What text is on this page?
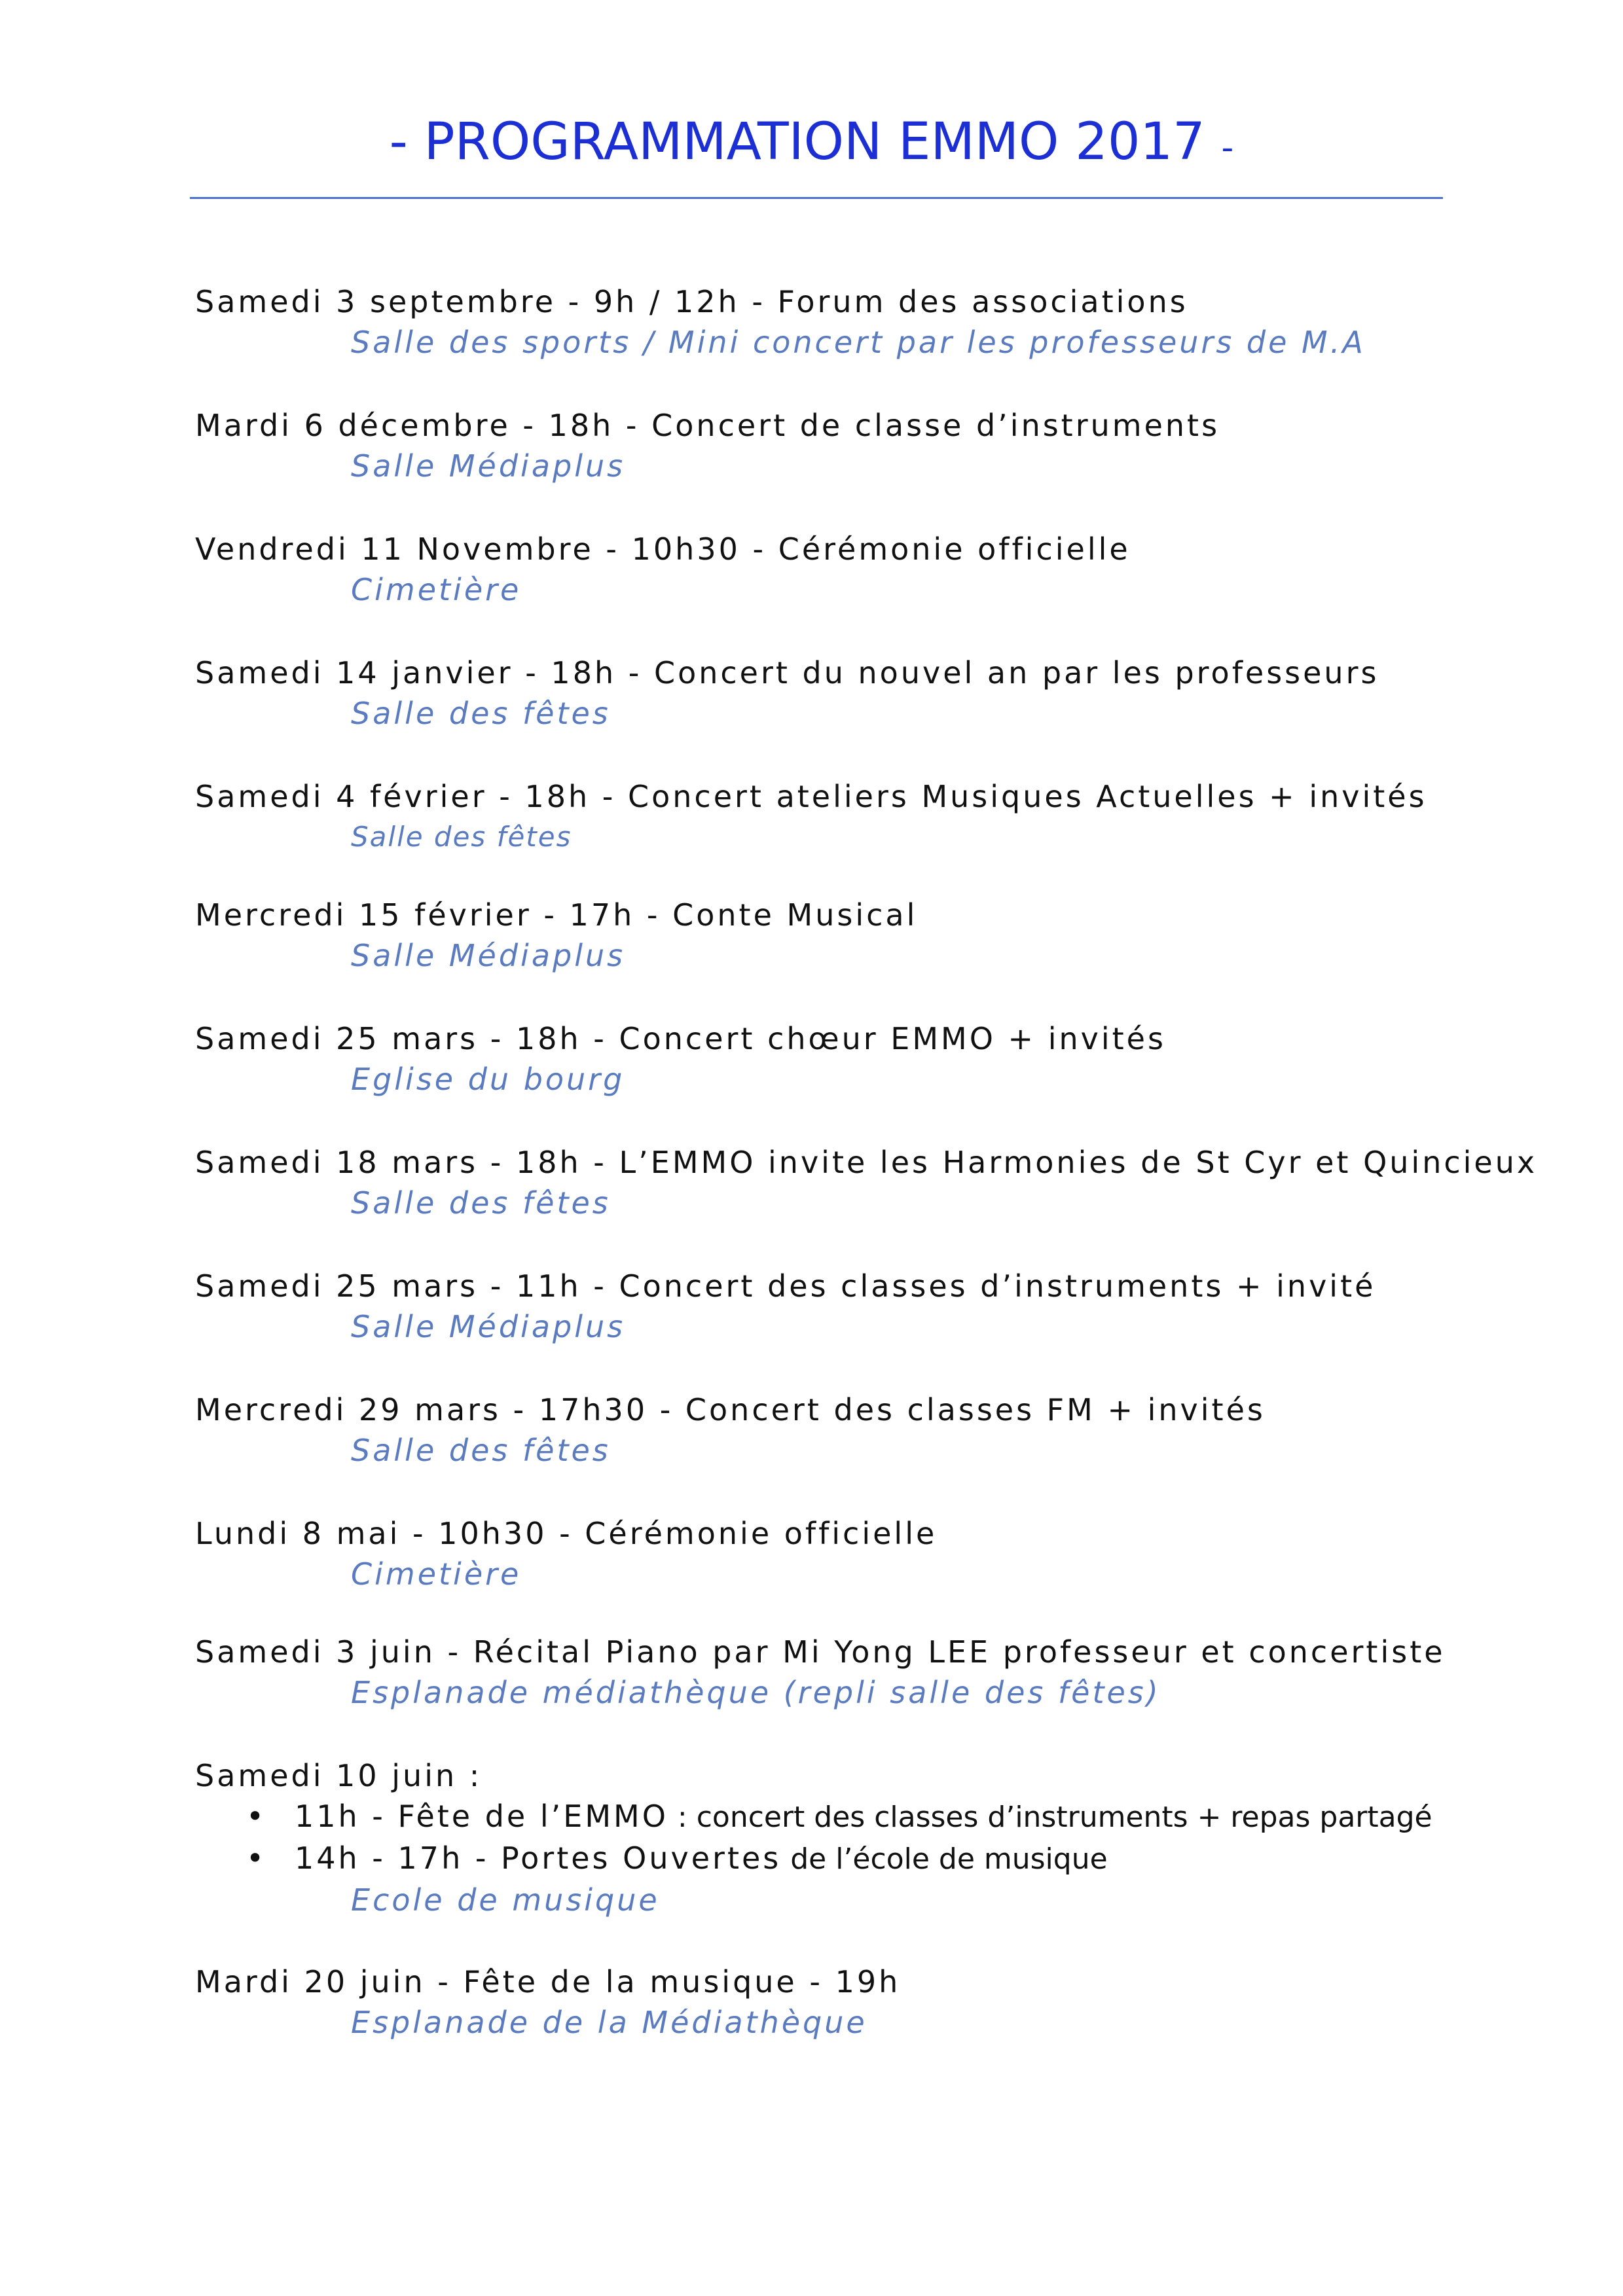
- PROGRAMMATION EMMO 2017 -
Samedi 3 septembre - 9h / 12h - Forum des associations
Salle des sports / Mini concert par les professeurs de M.A
Mardi 6 décembre - 18h - Concert de classe d’instruments
Salle Médiaplus
Vendredi 11 Novembre - 10h30 - Cérémonie officielle
Cimetière
Samedi 14 janvier - 18h - Concert du nouvel an par les professeurs
Salle des fêtes
Samedi 4 février - 18h - Concert ateliers Musiques Actuelles + invités
Salle des fêtes
Mercredi 15 février - 17h - Conte Musical
Salle Médiaplus
Samedi 25 mars - 18h - Concert chœur EMMO + invités
Eglise du bourg
Samedi 18 mars - 18h - L’EMMO invite les Harmonies de St Cyr et Quincieux
Salle des fêtes
Samedi 25 mars - 11h - Concert des classes d’instruments + invité
Salle Médiaplus
Mercredi 29 mars - 17h30 - Concert des classes FM + invités
Salle des fêtes
Lundi 8 mai - 10h30 - Cérémonie officielle
Cimetière
Samedi 3 juin - Récital Piano par Mi Yong LEE professeur et concertiste
Esplanade médiathèque (repli salle des fêtes)
Samedi 10 juin :
• 11h - Fête de l’EMMO : concert des classes d’instruments + repas partagé
• 14h - 17h - Portes Ouvertes de l’école de musique
Ecole de musique
Mardi 20 juin - Fête de la musique - 19h
Esplanade de la Médiathèque
